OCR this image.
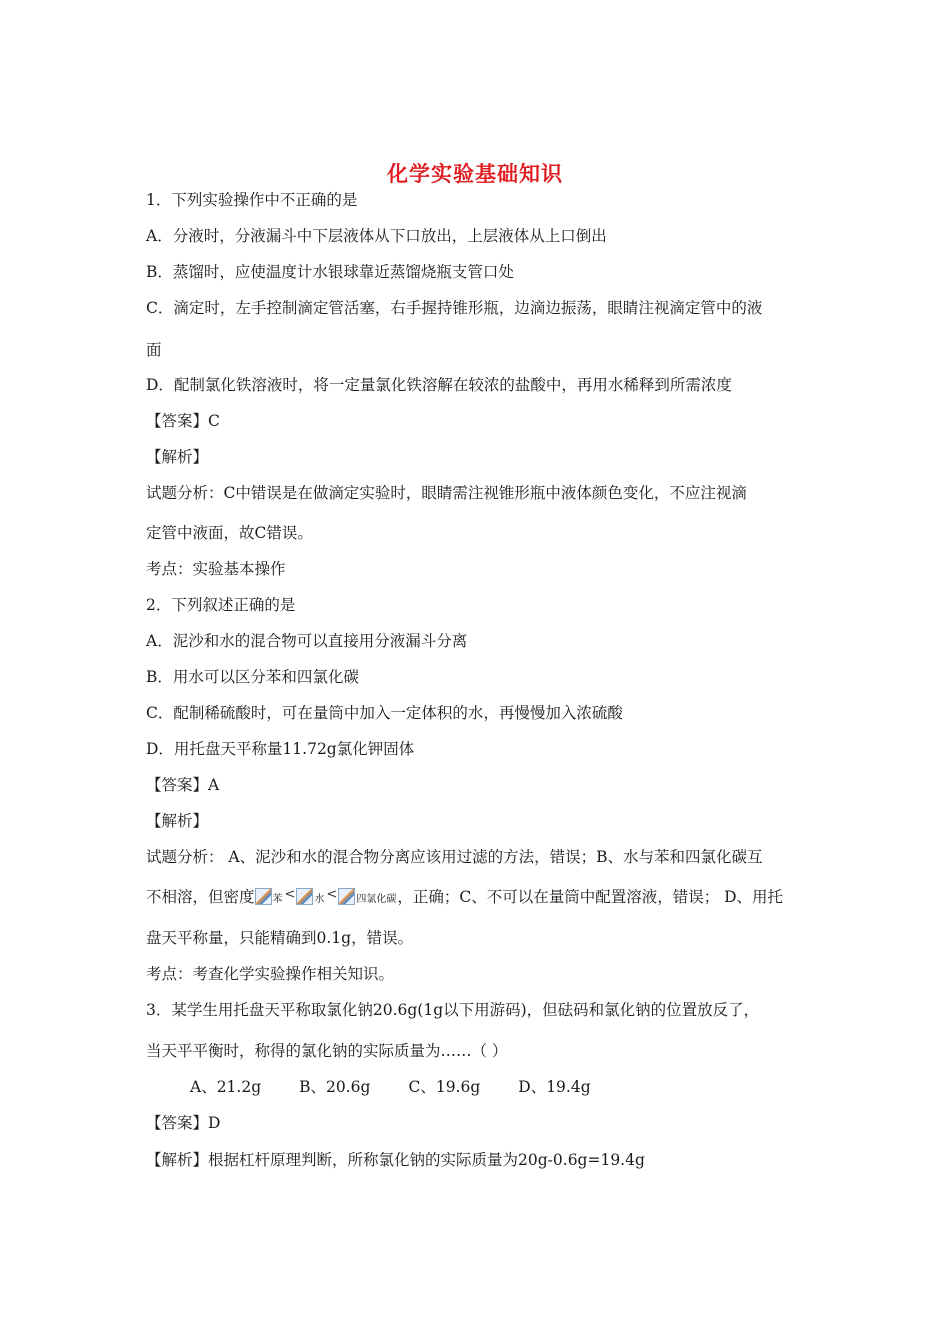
化学实验基础知识
1．下列实验操作中不正确的是
A．分液时，分液漏斗中下层液体从下口放出，上层液体从上口倒出
B．蒸馏时，应使温度计水银球靠近蒸馏烧瓶支管口处
C．滴定时，左手控制滴定管活塞，右手握持锥形瓶，边滴边振荡，眼睛注视滴定管中的液
面
D．配制氯化铁溶液时，将一定量氯化铁溶解在较浓的盐酸中，再用水稀释到所需浓度
【答案】C
【解析】
试题分析：C中错误是在做滴定实验时，眼睛需注视锥形瓶中液体颜色变化，不应注视滴
定管中液面，故C错误。
考点：实验基本操作
2．下列叙述正确的是
A．泥沙和水的混合物可以直接用分液漏斗分离
B．用水可以区分苯和四氯化碳
C．配制稀硫酸时，可在量筒中加入一定体积的水，再慢慢加入浓硫酸
D．用托盘天平称量11.72g氯化钾固体
【答案】A
【解析】
试题分析： A、泥沙和水的混合物分离应该用过滤的方法，错误；B、水与苯和四氯化碳互
不相溶，但密度 苯 < 水 < 四氯化碳 ，正确；C、不可以在量筒中配置溶液，错误； D、用托
盘天平称量，只能精确到0.1g，错误。
考点：考查化学实验操作相关知识。
3．某学生用托盘天平称取氯化钠20.6g(1g以下用游码)，但砝码和氯化钠的位置放反了，
当天平平衡时，称得的氯化钠的实际质量为……（ ）
A、21.2g B、20.6g C、19.6g D、19.4g
【答案】D
【解析】根据杠杆原理判断，所称氯化钠的实际质量为20g-0.6g=19.4g
